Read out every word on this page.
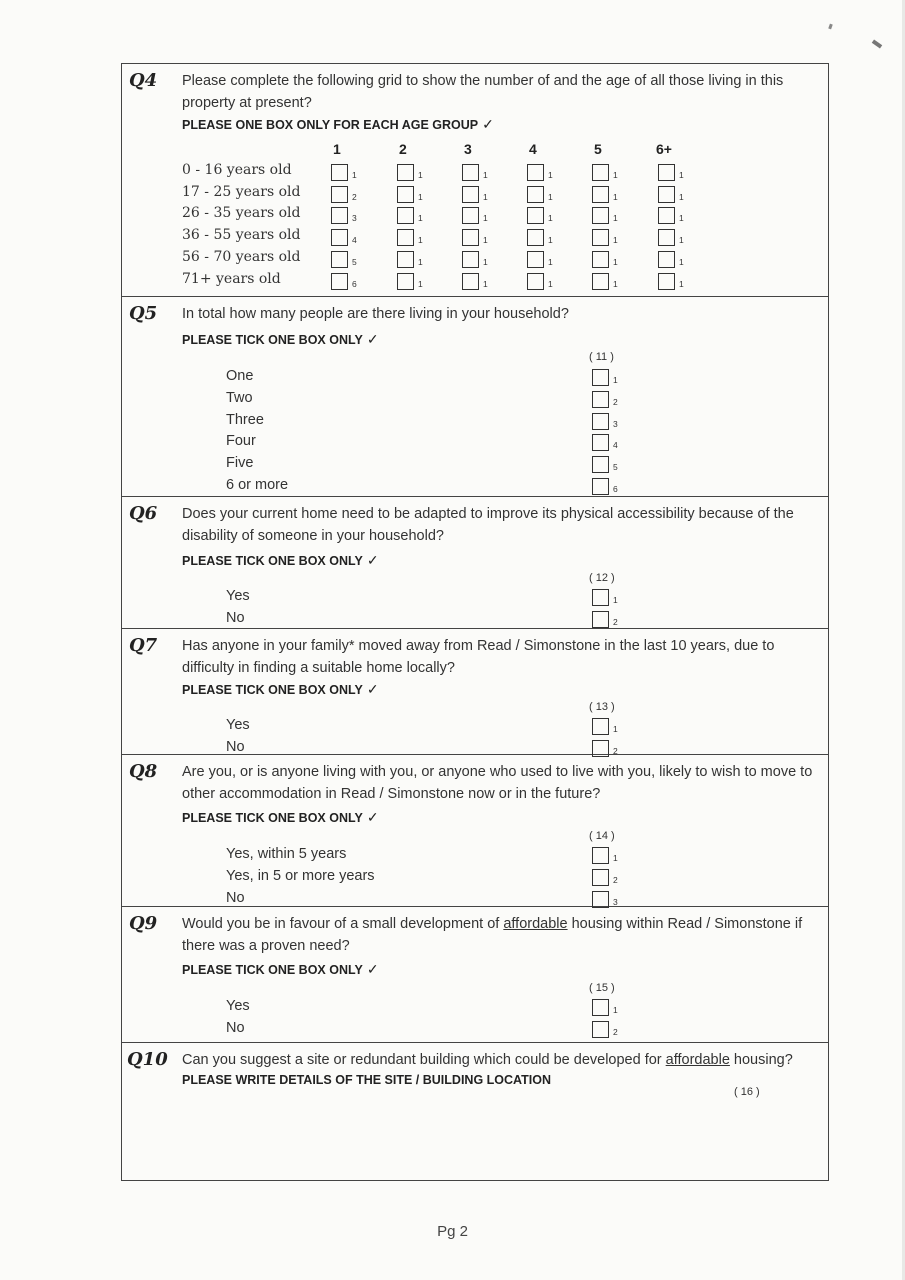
Q4 Please complete the following grid to show the number of and the age of all those living in this property at present?
PLEASE ONE BOX ONLY FOR EACH AGE GROUP ✓
1	2	3	4	5	6+
0 - 16 years old	1	1	1	1	1	1
17 - 25 years old	2	1	1	1	1	1
26 - 35 years old	3	1	1	1	1	1
36 - 55 years old	4	1	1	1	1	1
56 - 70 years old	5	1	1	1	1	1
71+ years old	6	1	1	1	1	1
Q5 In total how many people are there living in your household?
PLEASE TICK ONE BOX ONLY ✓
( 11 )
One	1
Two	2
Three	3
Four	4
Five	5
6 or more	6
Q6 Does your current home need to be adapted to improve its physical accessibility because of the disability of someone in your household?
PLEASE TICK ONE BOX ONLY ✓
( 12 )
Yes	1
No	2
Q7 Has anyone in your family* moved away from Read / Simonstone in the last 10 years, due to difficulty in finding a suitable home locally?
PLEASE TICK ONE BOX ONLY ✓
( 13 )
Yes	1
No	2
Q8 Are you, or is anyone living with you, or anyone who used to live with you, likely to wish to move to other accommodation in Read / Simonstone now or in the future?
PLEASE TICK ONE BOX ONLY ✓
( 14 )
Yes, within 5 years	1
Yes, in 5 or more years	2
No	3
Q9 Would you be in favour of a small development of affordable housing within Read / Simonstone if there was a proven need?
PLEASE TICK ONE BOX ONLY ✓
( 15 )
Yes	1
No	2
Q10 Can you suggest a site or redundant building which could be developed for affordable housing?
PLEASE WRITE DETAILS OF THE SITE / BUILDING LOCATION
( 16 )
Pg 2
